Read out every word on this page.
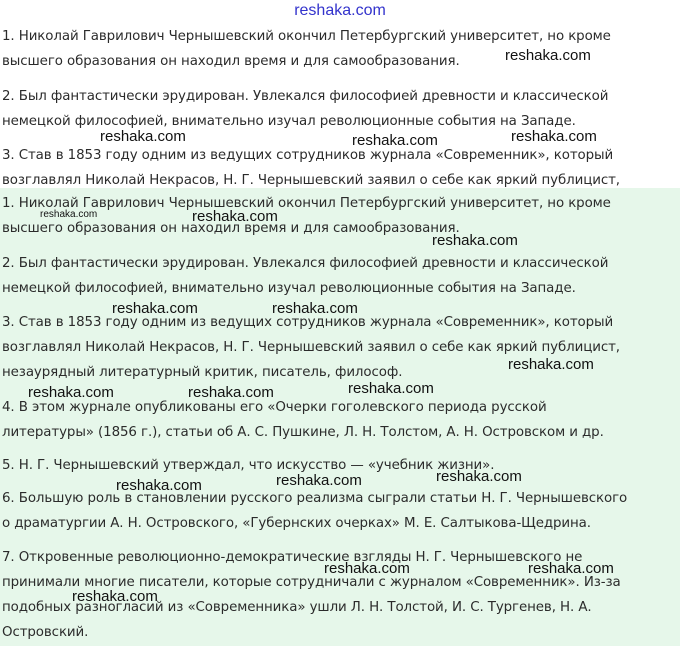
reshaka.com

1. Николай Гаврилович Чернышевский окончил Петербургский университет, но кроме
высшего образования он находил время и для самообразования.

2. Был фантастически эрудирован. Увлекался философией древности и классической
немецкой философией, внимательно изучал революционные события на Западе.

3. Став в 1853 году одним из ведущих сотрудников журнала «Современник», который
возглавлял Николай Некрасов, Н. Г. Чернышевский заявил о себе как яркий публицист,

1. Николай Гаврилович Чернышевский окончил Петербургский университет, но кроме
высшего образования он находил время и для самообразования.

2. Был фантастически эрудирован. Увлекался философией древности и классической
немецкой философией, внимательно изучал революционные события на Западе.

3. Став в 1853 году одним из ведущих сотрудников журнала «Современник», который
возглавлял Николай Некрасов, Н. Г. Чернышевский заявил о себе как яркий публицист,
незаурядный литературный критик, писатель, философ.

4. В этом журнале опубликованы его «Очерки гоголевского периода русской
литературы» (1856 г.), статьи об А. С. Пушкине, Л. Н. Толстом, А. Н. Островском и др.

5. Н. Г. Чернышевский утверждал, что искусство — «учебник жизни».

6. Большую роль в становлении русского реализма сыграли статьи Н. Г. Чернышевского
о драматургии А. Н. Островского, «Губернских очерках» М. Е. Салтыкова-Щедрина.

7. Откровенные революционно-демократические взгляды Н. Г. Чернышевского не
принимали многие писатели, которые сотрудничали с журналом «Современник». Из-за
подобных разногласий из «Современника» ушли Л. Н. Толстой, И. С. Тургенев, Н. А.
Островский.

reshaka.com
reshaka.com	reshaka.com	reshaka.com
reshaka.com	reshaka.com
reshaka.com
reshaka.com	reshaka.com
reshaka.com
reshaka.com	reshaka.com	reshaka.com
reshaka.com
reshaka.com	reshaka.com
reshaka.com	reshaka.com
reshaka.com
